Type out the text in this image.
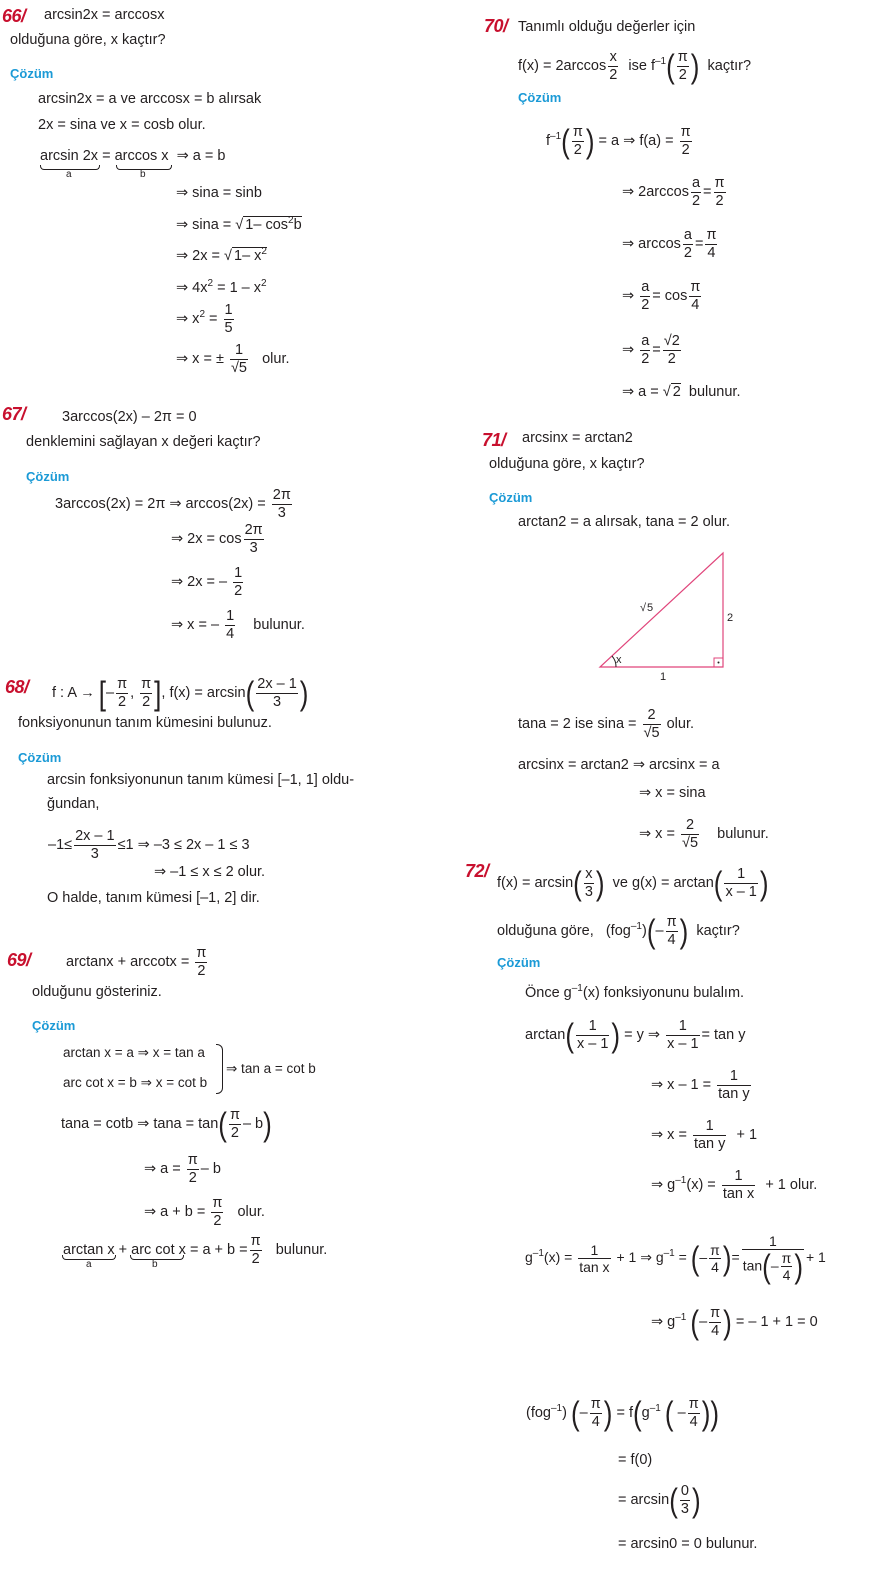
66/ arcsin2x = arccosx
olduğuna göre, x kaçtır?
Çözüm
arcsin2x = a ve arccosx = b alırsak
2x = sina ve x = cosb olur.
arcsin 2x = arccos x ⇒ a = b
a	b
⇒ sina = sinb
⇒ sina = √ 1– $\cos^2b$
⇒ 2x = √ 1– $x^2$
⇒ $4x^2 = 1 - x^2$
⇒ $x^2 = \frac{1}{5}$
⇒ x = ± $\frac{1}{√5}$ olur.
67/	3arccos(2x) – 2π = 0
denklemini sağlayan x değeri kaçtır?
Çözüm
3arccos(2x) = 2π ⇒ $\arccos(2x) = \frac{2\pi}{3}$
⇒ $2x = \cos \frac{2\pi}{3}$
⇒ 2x = – $\frac{1}{2}$
⇒ x = – $\frac{1}{4}$ bulunur.
68/ f : A → [– $\frac{\pi}{2}$ , $\frac{\pi}{2}$ ], $f(x) = \arcsin( \frac{2x - 1}{3}$ )
fonksiyonunun tanım kümesini bulunuz.
Çözüm
arcsin fonksiyonunun tanım kümesi [–1, 1] oldu-
ğundan,
$-1\le \frac{2x - 1}{3} \le 1$ ⇒ –3 ≤ 2x – 1 ≤ 3
⇒ –1 ≤ x ≤ 2 olur.
O halde, tanım kümesi [–1, 2] dir.
69/ $\arctan x + arccotx = \frac{\pi}{2}$
olduğunu gösteriniz.
Çözüm
arctan x = a ⇒ x = tan a
arc cot x = b ⇒ x = cot b
⇒ tan a = cot b
tana = cotb ⇒ $\tan a = \tan( \frac{\pi}{2} - b)$
⇒ $a = \frac{\pi}{2} - b$
⇒ $a + b = \frac{\pi}{2}$ olur.
arctan x + arc $\cot x = a + b = \frac{\pi}{2}$ bulunur.
a	b
70/ Tanımlı olduğu değerler için
$f(x) = 2\arccos \frac{x}{2}$ ise $f^{-1}( \frac{\pi}{2}$ ) kaçtır?
Çözüm
$f^{-1}( \frac{\pi}{2}$ ) = a ⇒ $f(a) = \frac{\pi}{2}$
⇒ $2\arccos \frac{a}{2} = \frac{\pi}{2}$
⇒ $\arccos \frac{a}{2} = \frac{\pi}{4}$
⇒ $\frac{a}{2} = \cos \frac{\pi}{4}$
⇒ $\frac{a}{2} = \frac{√2}{2}$
⇒ a = √ 2 bulunur.
71/ arcsinx = arctan2
olduğuna göre, x kaçtır?
Çözüm
arctan2 = a alırsak, tana = 2 olur.
x
1
2
√ 5
tana = 2 ise $\sin a = \frac{2}{√5}$ olur.
arcsinx = arctan2 ⇒ arcsinx = a
⇒ x = sina
⇒ $x = \frac{2}{√5}$ bulunur.
72/
$f(x) = \arcsin( \frac{x}{3}$ ) ve $g(x) = \arctan( \frac{1}{x - 1}$ )
olduğuna göre, $(fog^{-1})(- \frac{\pi}{4}$ ) kaçtır?
Çözüm
Önce $g^{-1}(x)$ fonksiyonunu bulalım.
$\arctan( \frac{1}{x - 1}$ ) = y ⇒ $\frac{1}{x - 1} = \tan y$
⇒ $x - 1 = \frac{1}{\text{tan y}}$
⇒ $x = \frac{1}{\text{tan y}} + 1$
⇒ $g^{-1}(x) = \frac{1}{\text{tan x}} + 1$ olur.
$g^{-1}(x) = \frac{1}{\text{tan x}} + 1$ ⇒ $g^{-1}$ = (– $\frac{\pi}{4}$ )= $\frac{1}{\tan(- \frac{\pi}{4} )} + 1$
⇒ $g^{-1}$ (– $\frac{\pi}{4}$ ) = – 1 + 1 = 0
(fog$^{-1}$) (– $\frac{\pi}{4}$ ) = $f(g^{-1}$ ( – $\frac{\pi}{4}$ ))
= f(0)
= $\arcsin( \frac{0}{3}$ )
= arcsin0 = 0 bulunur.
